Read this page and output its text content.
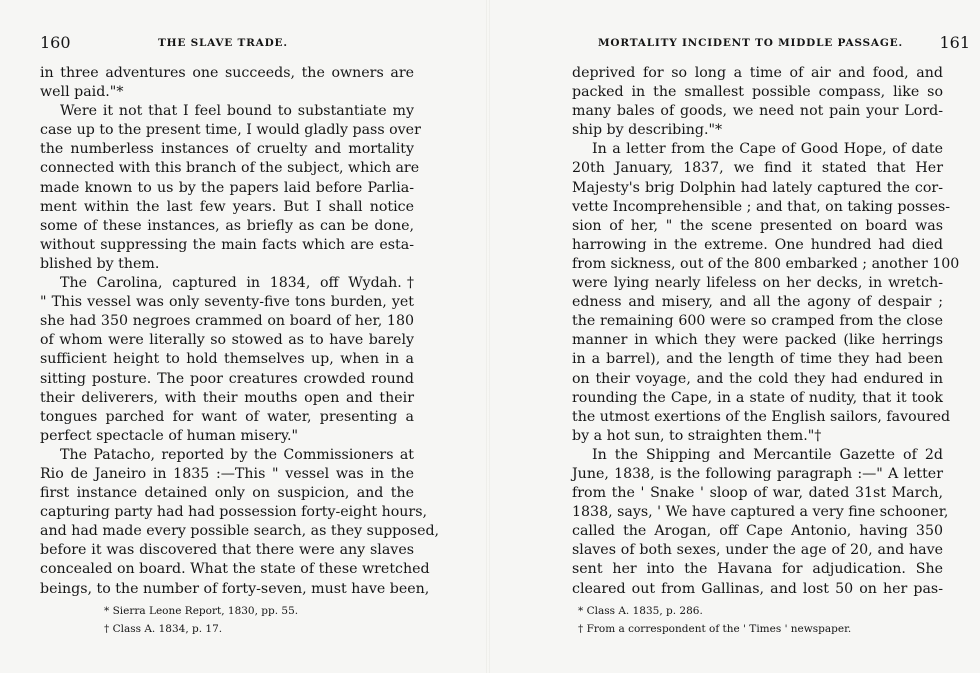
160	THE SLAVE TRADE.
in three adventures one succeeds, the owners are
well paid."*
Were it not that I feel bound to substantiate my
case up to the present time, I would gladly pass over
the numberless instances of cruelty and mortality
connected with this branch of the subject, which are
made known to us by the papers laid before Parlia-
ment within the last few years. But I shall notice
some of these instances, as briefly as can be done,
without suppressing the main facts which are esta-
blished by them.
The Carolina, captured in 1834, off Wydah.†
" This vessel was only seventy-five tons burden, yet
she had 350 negroes crammed on board of her, 180
of whom were literally so stowed as to have barely
sufficient height to hold themselves up, when in a
sitting posture. The poor creatures crowded round
their deliverers, with their mouths open and their
tongues parched for want of water, presenting a
perfect spectacle of human misery."
The Patacho, reported by the Commissioners at
Rio de Janeiro in 1835 :—This " vessel was in the
first instance detained only on suspicion, and the
capturing party had had possession forty-eight hours,
and had made every possible search, as they supposed,
before it was discovered that there were any slaves
concealed on board. What the state of these wretched
beings, to the number of forty-seven, must have been,
* Sierra Leone Report, 1830, pp. 55.
† Class A. 1834, p. 17.
MORTALITY INCIDENT TO MIDDLE PASSAGE. 161
deprived for so long a time of air and food, and
packed in the smallest possible compass, like so
many bales of goods, we need not pain your Lord-
ship by describing."*
In a letter from the Cape of Good Hope, of date
20th January, 1837, we find it stated that Her
Majesty's brig Dolphin had lately captured the cor-
vette Incomprehensible ; and that, on taking posses-
sion of her, " the scene presented on board was
harrowing in the extreme. One hundred had died
from sickness, out of the 800 embarked ; another 100
were lying nearly lifeless on her decks, in wretch-
edness and misery, and all the agony of despair ;
the remaining 600 were so cramped from the close
manner in which they were packed (like herrings
in a barrel), and the length of time they had been
on their voyage, and the cold they had endured in
rounding the Cape, in a state of nudity, that it took
the utmost exertions of the English sailors, favoured
by a hot sun, to straighten them."†
In the Shipping and Mercantile Gazette of 2d
June, 1838, is the following paragraph :—" A letter
from the ' Snake ' sloop of war, dated 31st March,
1838, says, ' We have captured a very fine schooner,
called the Arogan, off Cape Antonio, having 350
slaves of both sexes, under the age of 20, and have
sent her into the Havana for adjudication. She
cleared out from Gallinas, and lost 50 on her pas-
* Class A. 1835, p. 286.
† From a correspondent of the ' Times ' newspaper.
